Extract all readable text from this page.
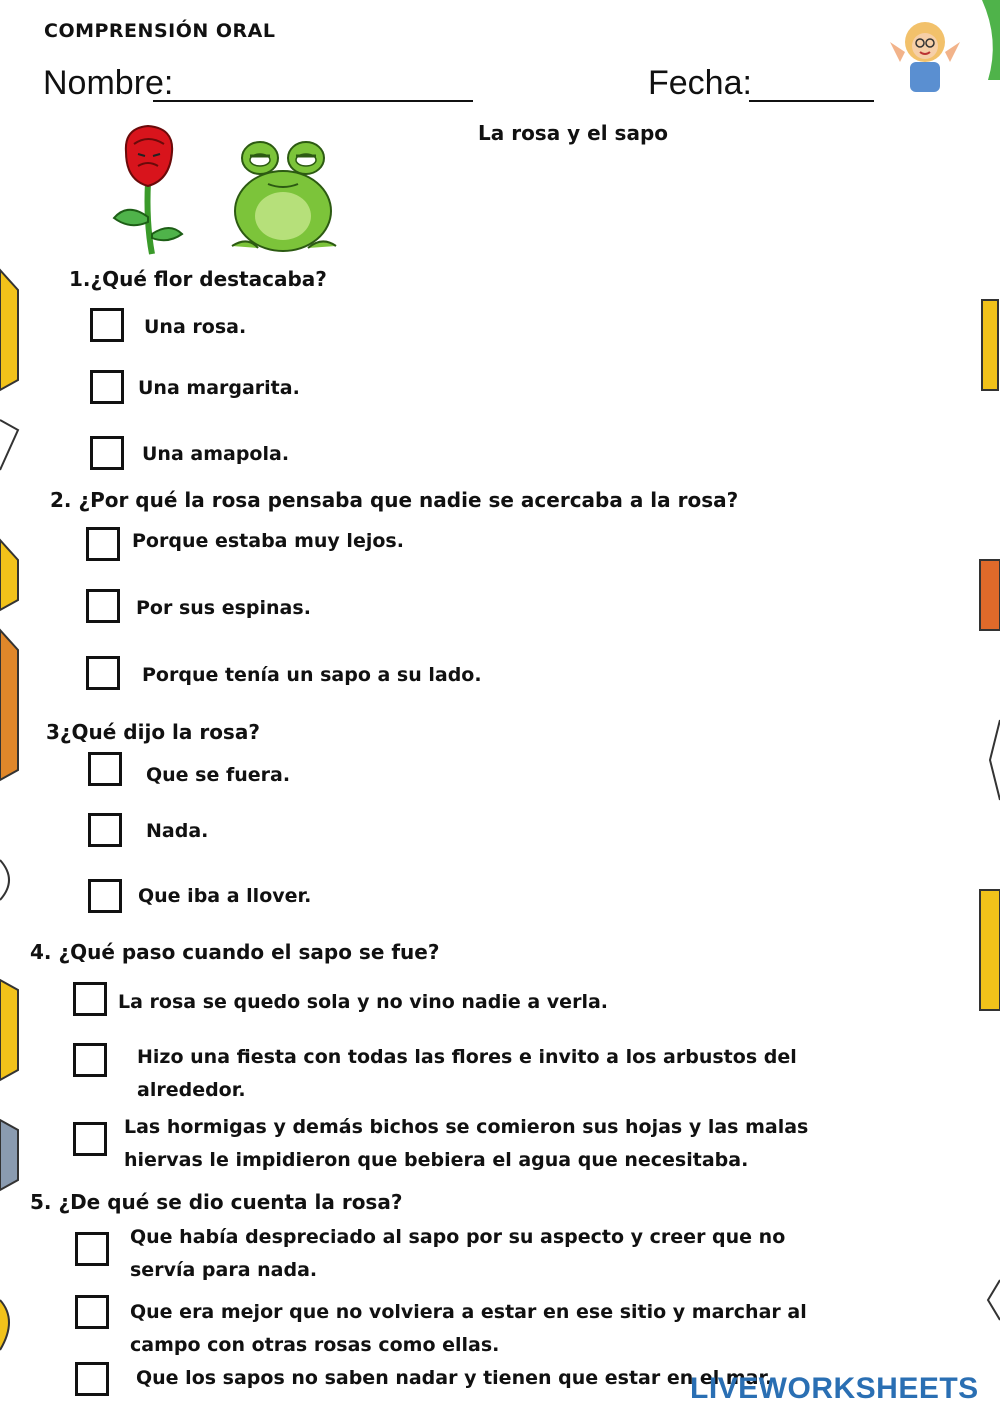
COMPRENSIÓN ORAL
Nombre:	Fecha:
La rosa y el sapo
1.¿Qué flor destacaba?
Una rosa.
Una margarita.
Una amapola.
2. ¿Por qué la rosa pensaba que nadie se acercaba a la rosa?
Porque estaba muy lejos.
Por sus espinas.
Porque tenía un sapo a su lado.
3¿Qué dijo la rosa?
Que se fuera.
Nada.
Que iba a llover.
4. ¿Qué paso cuando el sapo se fue?
La rosa se quedo sola y no vino nadie a verla.
Hizo una fiesta con todas las flores e invito a los arbustos del alrededor.
Las hormigas y demás bichos se comieron sus hojas y las malas hiervas le impidieron que bebiera el agua que necesitaba.
5. ¿De qué se dio cuenta la rosa?
Que había despreciado al sapo por su aspecto y creer que no servía para nada.
Que era mejor que no volviera a estar en ese sitio y marchar al campo con otras rosas como ellas.
Que los sapos no saben nadar y tienen que estar en el mar.
LIVEWORKSHEETS
